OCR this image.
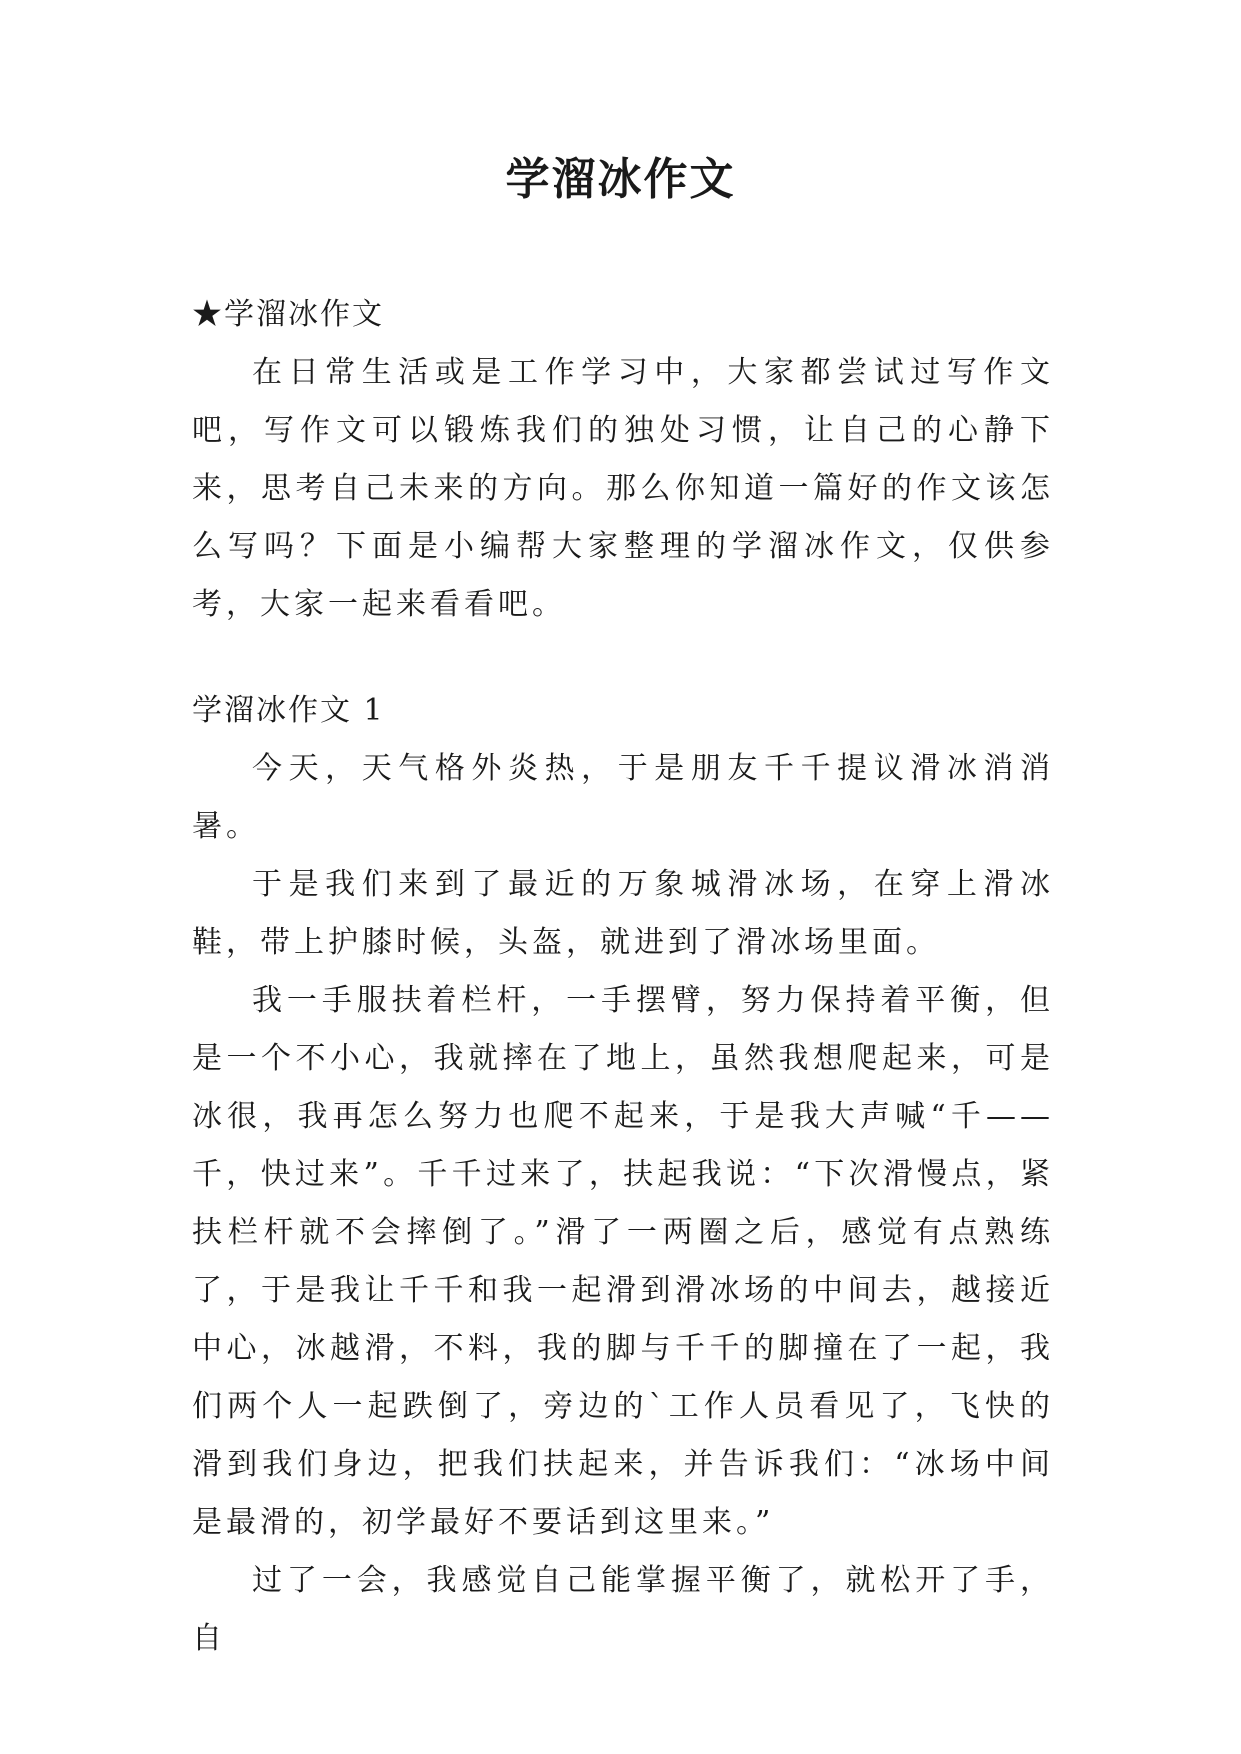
学溜冰作文

★学溜冰作文

在日常生活或是工作学习中，大家都尝试过写作文吧，写作文可以锻炼我们的独处习惯，让自己的心静下来，思考自己未来的方向。那么你知道一篇好的作文该怎么写吗？下面是小编帮大家整理的学溜冰作文，仅供参考，大家一起来看看吧。

学溜冰作文 1

今天，天气格外炎热，于是朋友千千提议滑冰消消暑。

于是我们来到了最近的万象城滑冰场，在穿上滑冰鞋，带上护膝时候，头盔，就进到了滑冰场里面。

我一手服扶着栏杆，一手摆臂，努力保持着平衡，但是一个不小心，我就摔在了地上，虽然我想爬起来，可是冰很，我再怎么努力也爬不起来，于是我大声喊“千——千，快过来”。千千过来了，扶起我说：“下次滑慢点，紧扶栏杆就不会摔倒了。”滑了一两圈之后，感觉有点熟练了，于是我让千千和我一起滑到滑冰场的中间去，越接近中心，冰越滑，不料，我的脚与千千的脚撞在了一起，我们两个人一起跌倒了，旁边的`工作人员看见了，飞快的滑到我们身边，把我们扶起来，并告诉我们：“冰场中间是最滑的，初学最好不要话到这里来。”

过了一会，我感觉自己能掌握平衡了，就松开了手，自
